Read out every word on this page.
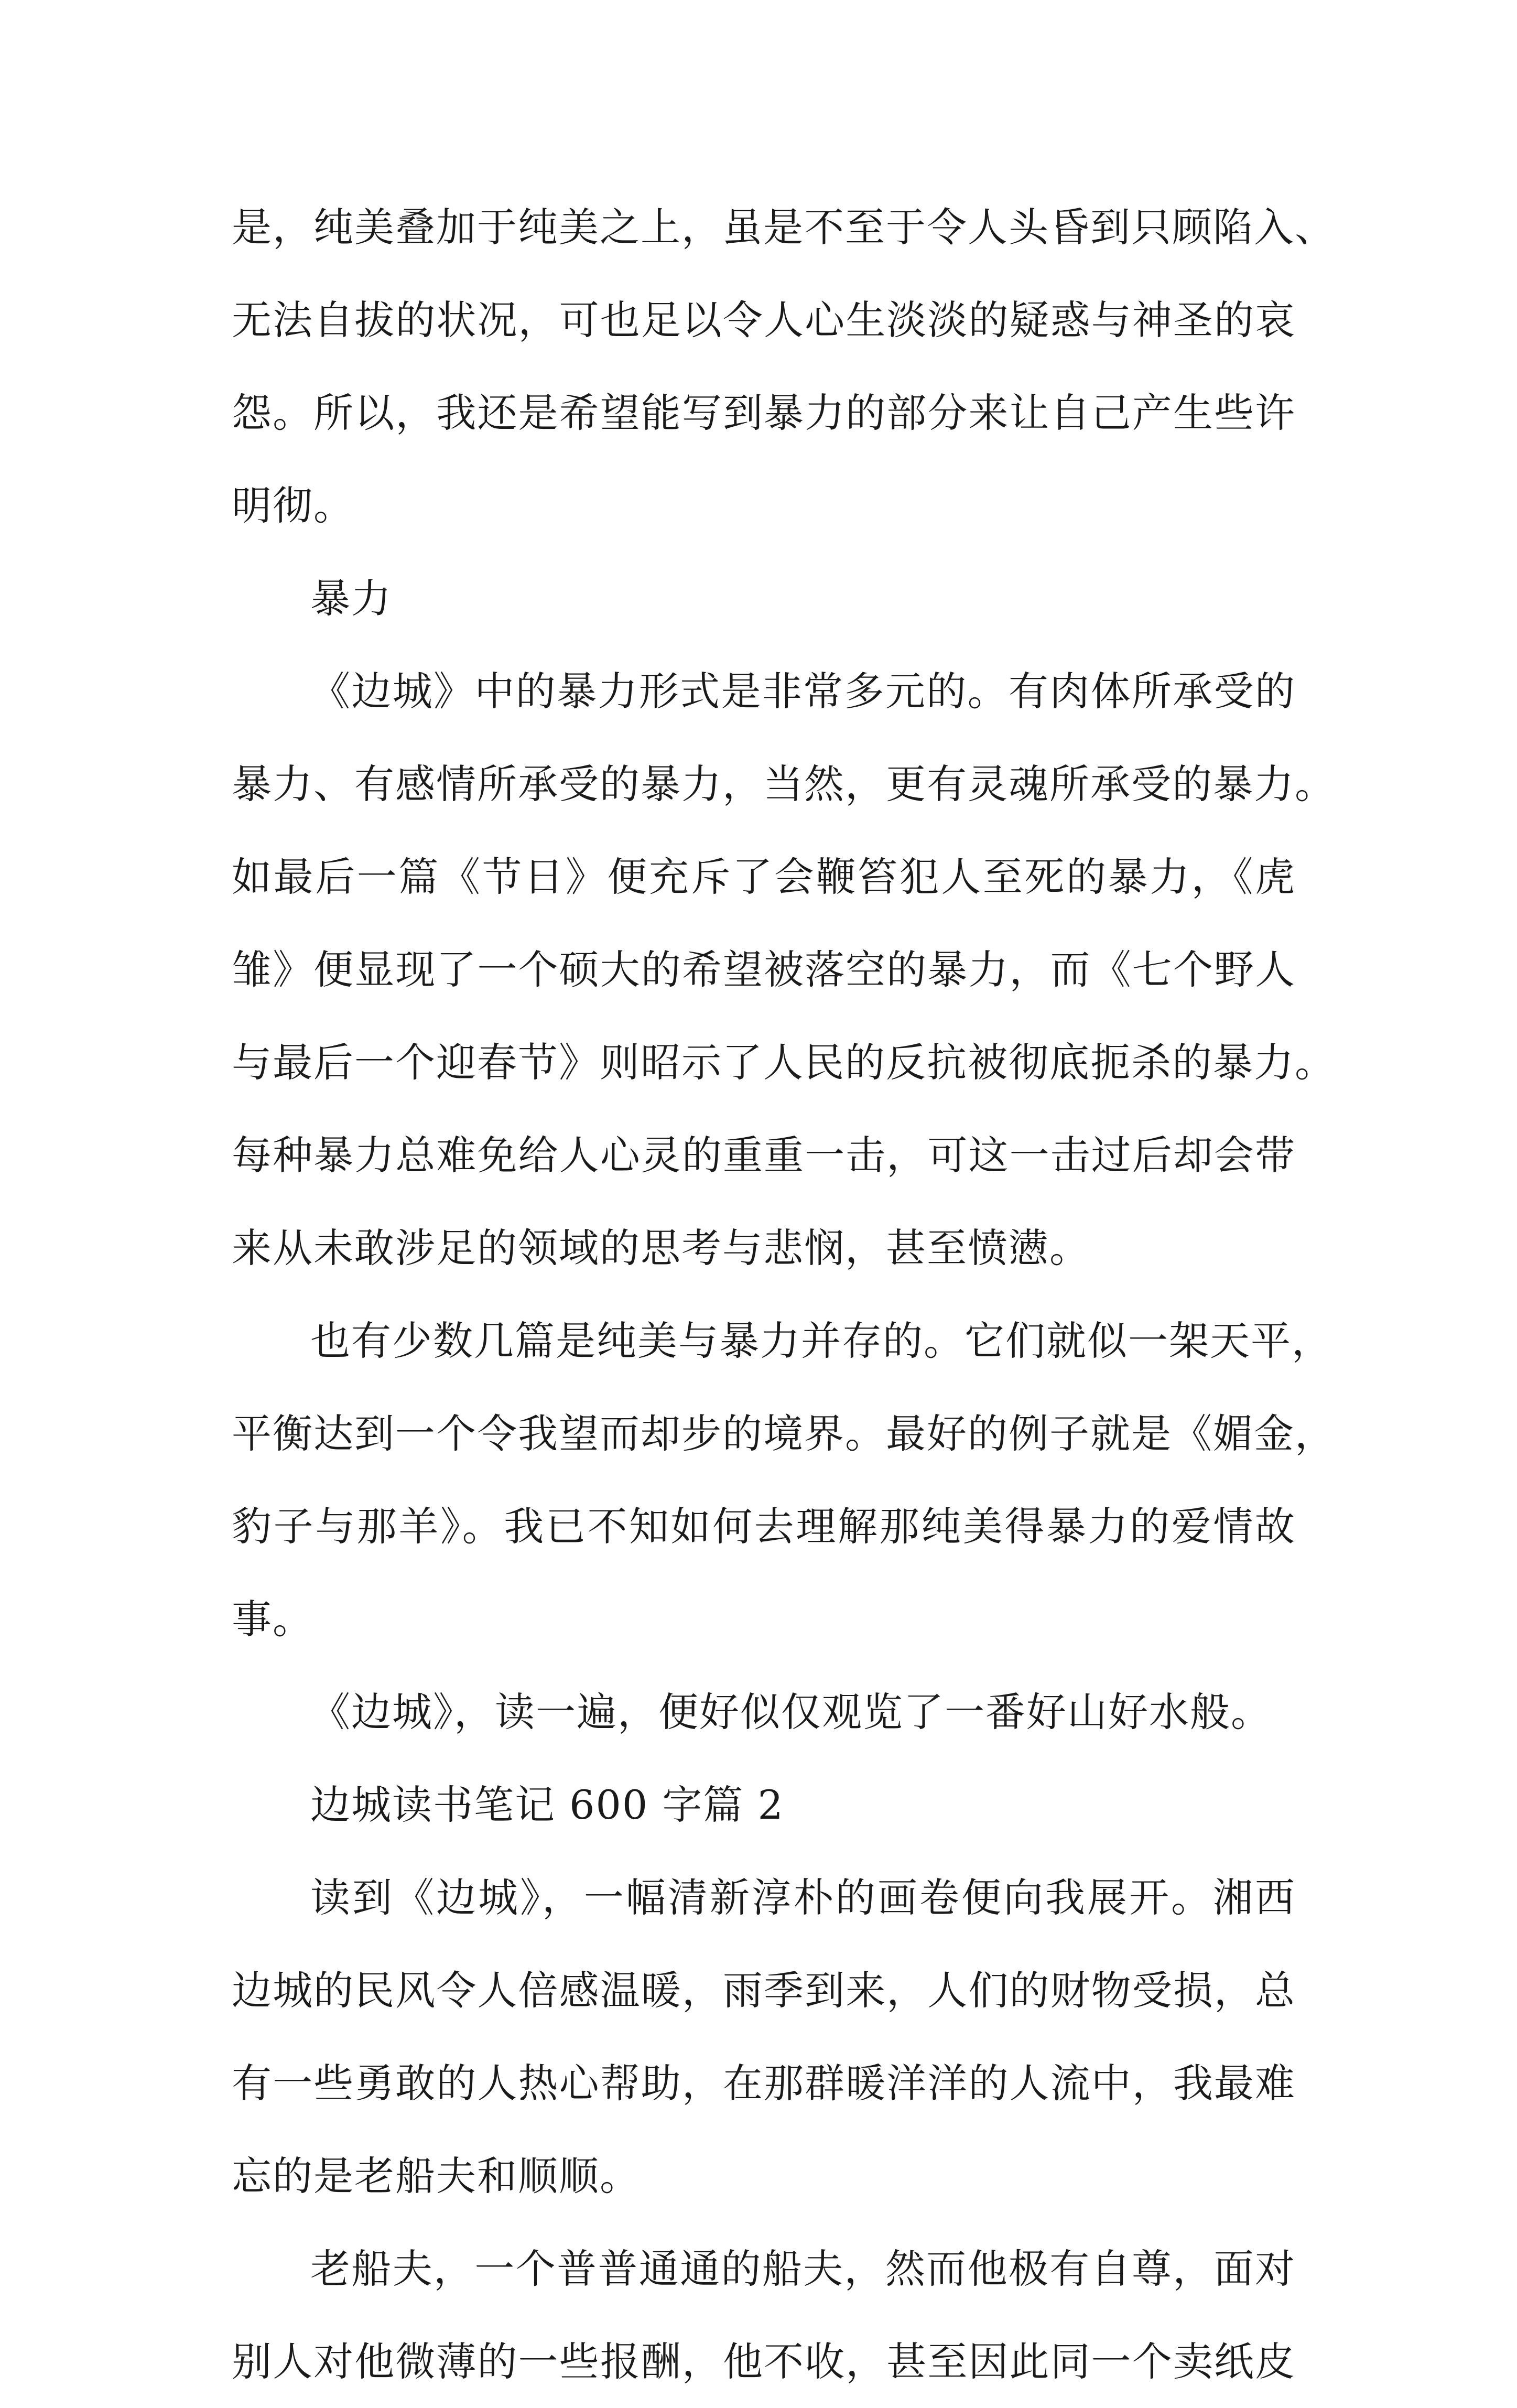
是，纯美叠加于纯美之上，虽是不至于令人头昏到只顾陷入、
无法自拔的状况，可也足以令人心生淡淡的疑惑与神圣的哀
怨。所以，我还是希望能写到暴力的部分来让自己产生些许
明彻。
暴力
《边城》中的暴力形式是非常多元的。有肉体所承受的
暴力、有感情所承受的暴力，当然，更有灵魂所承受的暴力。
如最后一篇《节日》便充斥了会鞭笞犯人至死的暴力，《虎
雏》便显现了一个硕大的希望被落空的暴力，而《七个野人
与最后一个迎春节》则昭示了人民的反抗被彻底扼杀的暴力。
每种暴力总难免给人心灵的重重一击，可这一击过后却会带
来从未敢涉足的领域的思考与悲悯，甚至愤懑。
也有少数几篇是纯美与暴力并存的。它们就似一架天平，
平衡达到一个令我望而却步的境界。最好的例子就是《媚金，
豹子与那羊》。我已不知如何去理解那纯美得暴力的爱情故
事。
《边城》，读一遍，便好似仅观览了一番好山好水般。
边城读书笔记 600 字篇 2
读到《边城》，一幅清新淳朴的画卷便向我展开。湘西
边城的民风令人倍感温暖，雨季到来，人们的财物受损，总
有一些勇敢的人热心帮助，在那群暖洋洋的人流中，我最难
忘的是老船夫和顺顺。
老船夫，一个普普通通的船夫，然而他极有自尊，面对
别人对他微薄的一些报酬，他不收，甚至因此同一个卖纸皮
